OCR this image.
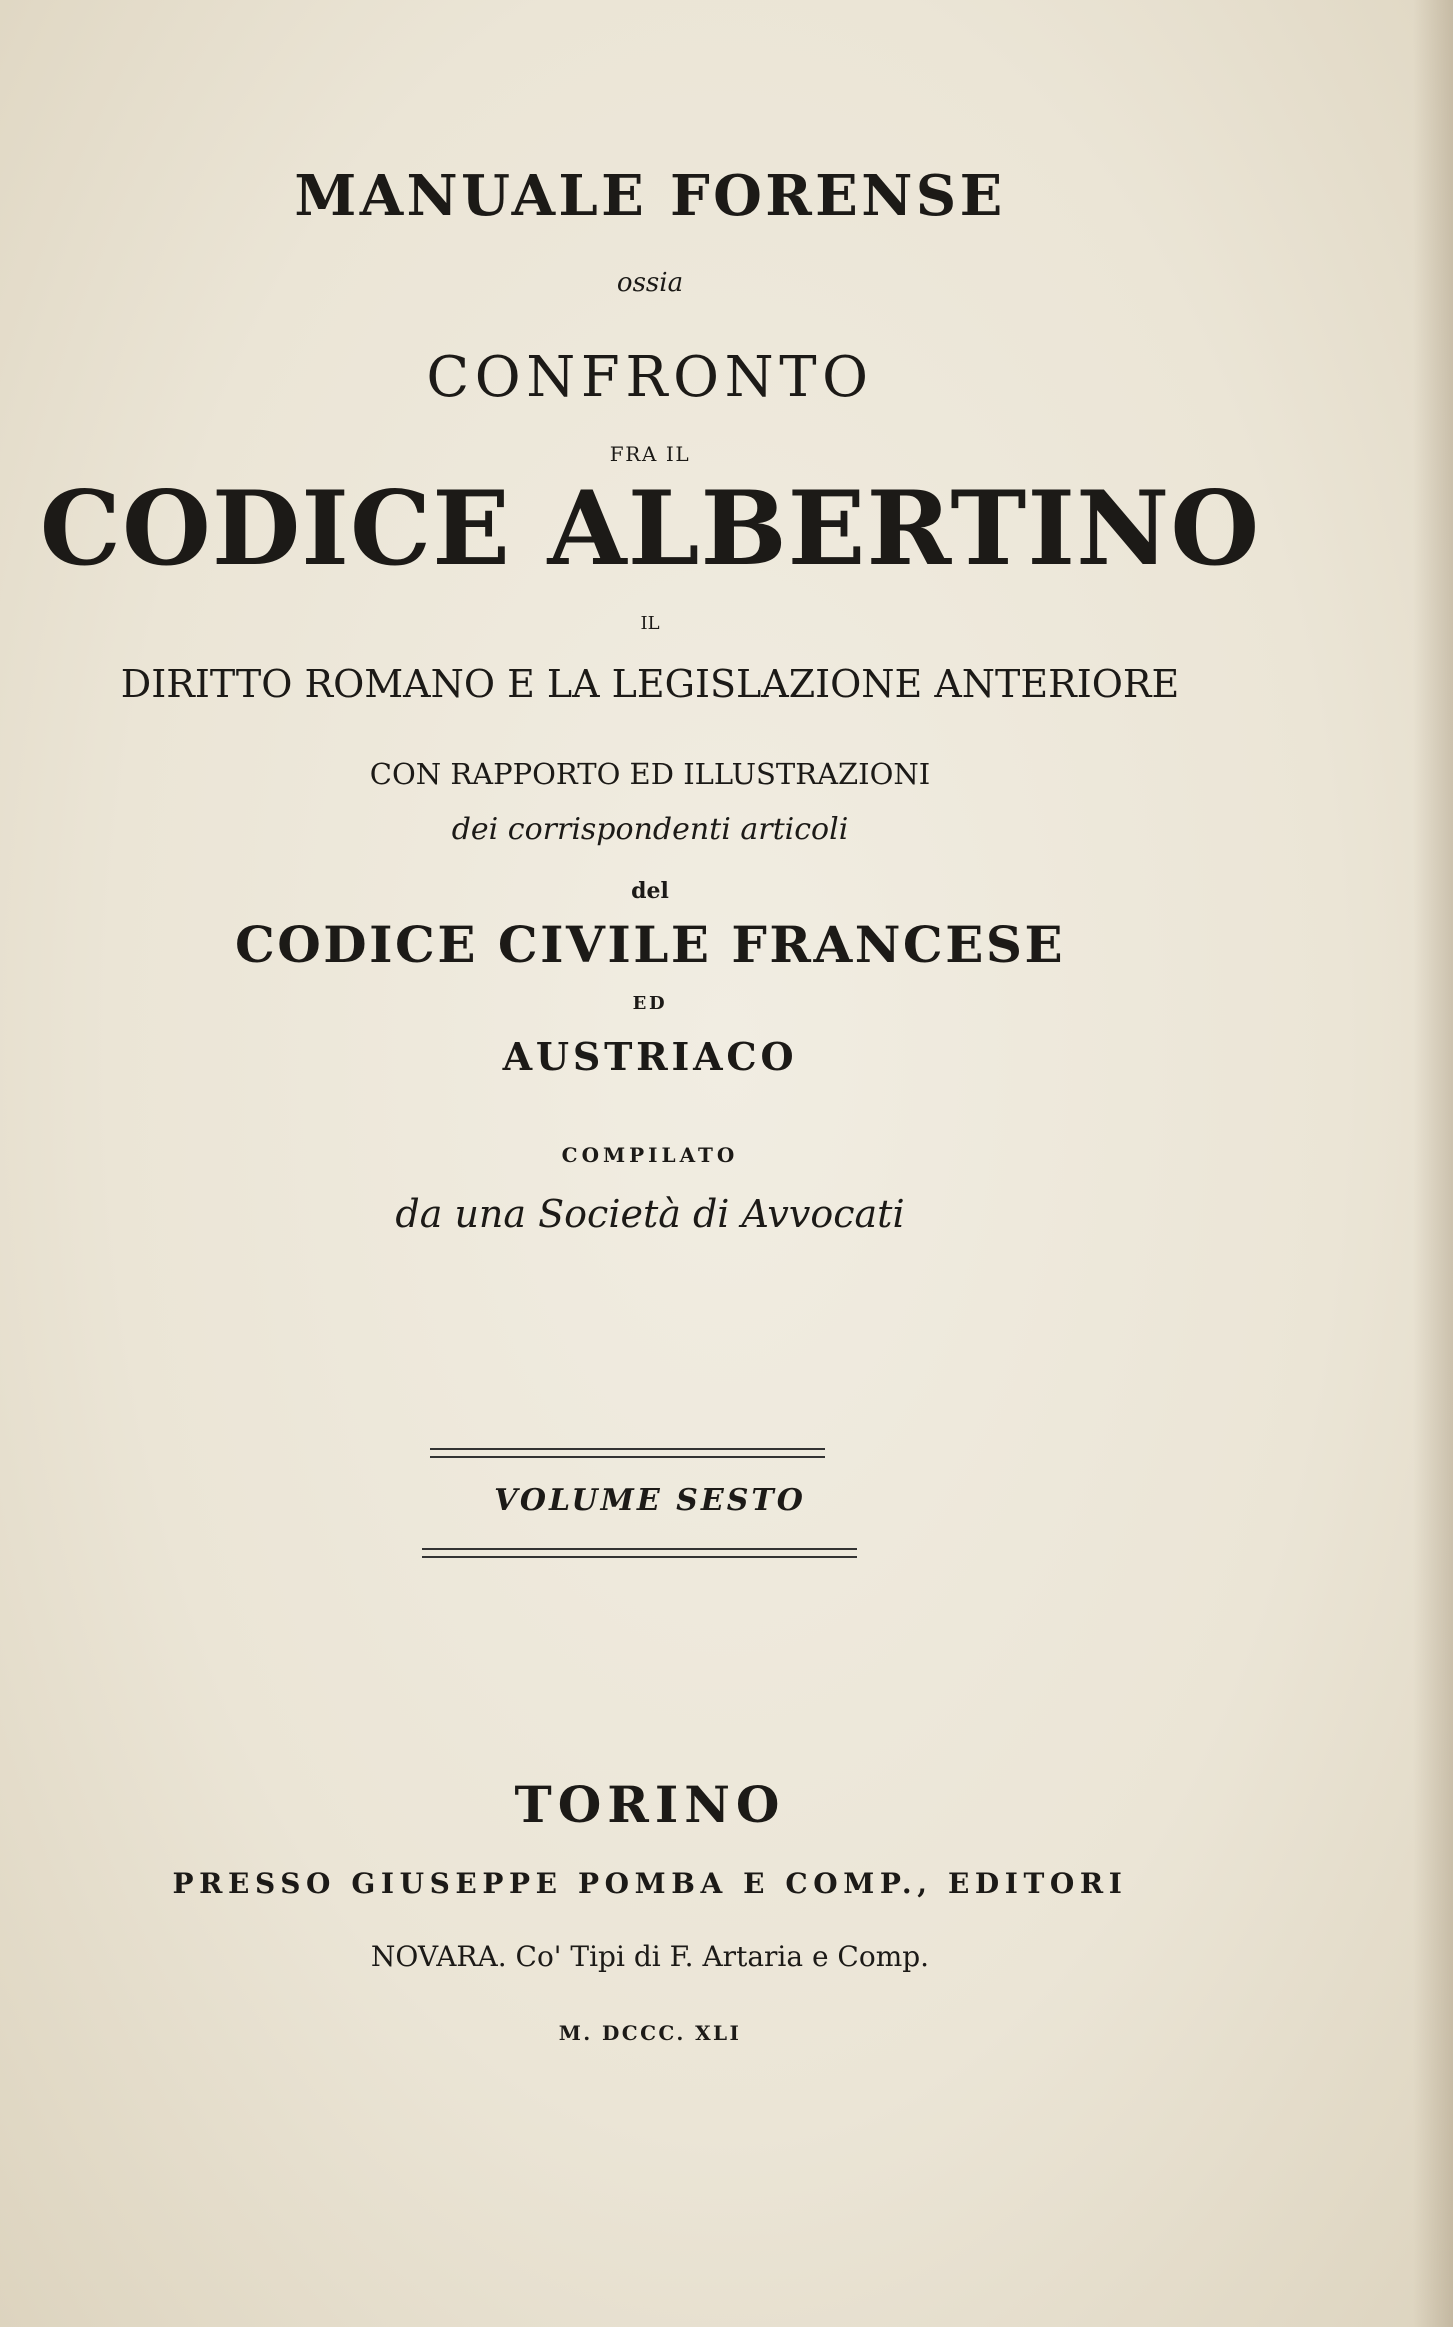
MANUALE FORENSE
ossia
CONFRONTO
FRA IL
CODICE ALBERTINO
IL
DIRITTO ROMANO E LA LEGISLAZIONE ANTERIORE
CON RAPPORTO ED ILLUSTRAZIONI
dei corrispondenti articoli
del
CODICE CIVILE FRANCESE
ED
AUSTRIACO
COMPILATO
da una Società di Avvocati
VOLUME SESTO
TORINO
PRESSO GIUSEPPE POMBA E COMP., EDITORI
NOVARA. Co' Tipi di F. Artaria e Comp.
M. DCCC. XLI
